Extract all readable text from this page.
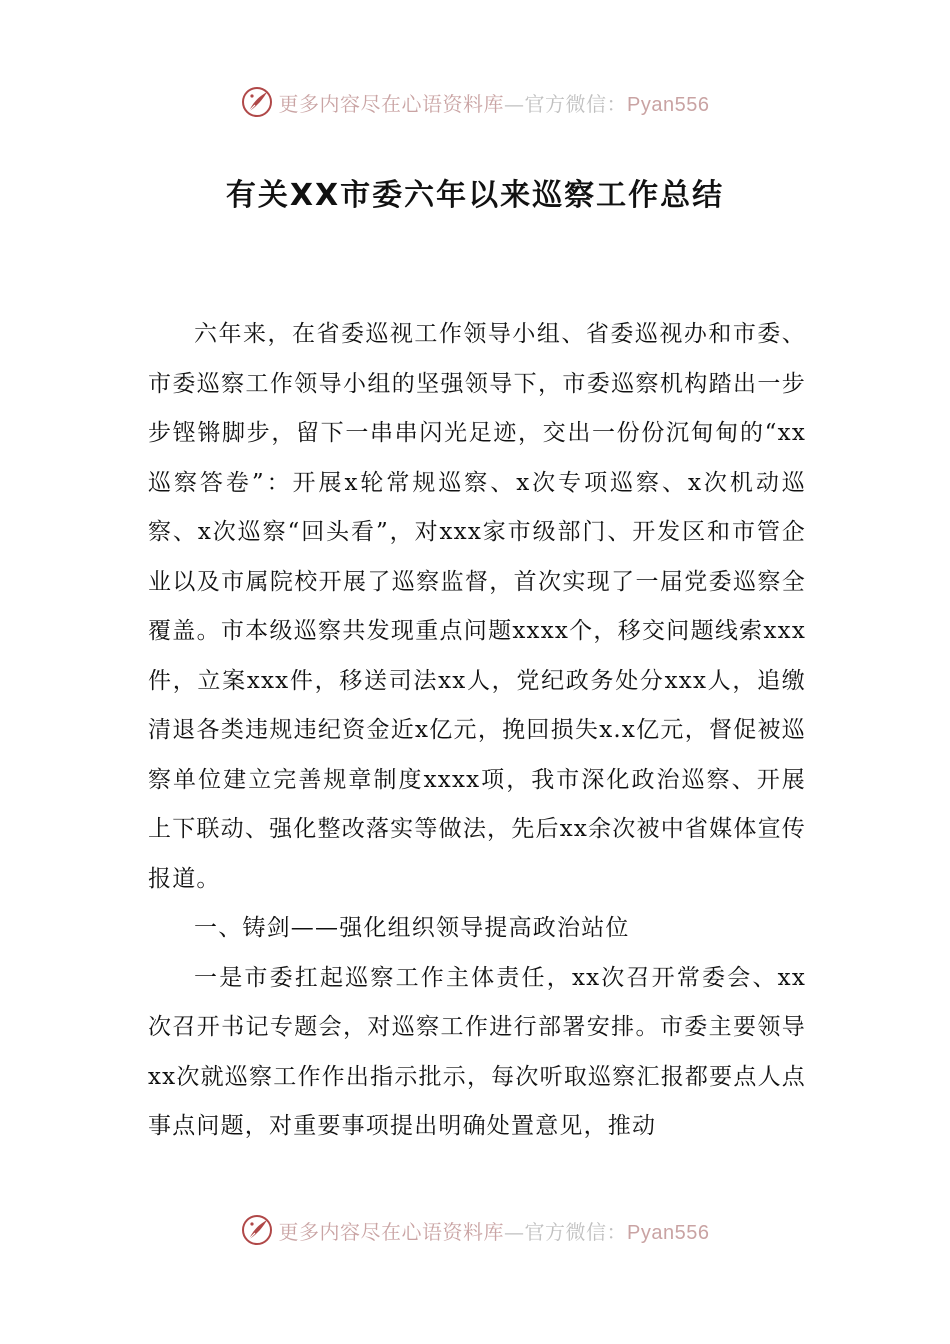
更多内容尽在心语资料库—官方微信：Pyan556
有关XX市委六年以来巡察工作总结

六年来，在省委巡视工作领导小组、省委巡视办和市委、市委巡察工作领导小组的坚强领导下，市委巡察机构踏出一步步铿锵脚步，留下一串串闪光足迹，交出一份份沉甸甸的“xx巡察答卷”：开展x轮常规巡察、x次专项巡察、x次机动巡察、x次巡察“回头看”，对xxx家市级部门、开发区和市管企业以及市属院校开展了巡察监督，首次实现了一届党委巡察全覆盖。市本级巡察共发现重点问题xxxx个，移交问题线索xxx件，立案xxx件，移送司法xx人，党纪政务处分xxx人，追缴清退各类违规违纪资金近x亿元，挽回损失x.x亿元，督促被巡察单位建立完善规章制度xxxx项，我市深化政治巡察、开展上下联动、强化整改落实等做法，先后xx余次被中省媒体宣传报道。

一、铸剑——强化组织领导提高政治站位

一是市委扛起巡察工作主体责任，xx次召开常委会、xx次召开书记专题会，对巡察工作进行部署安排。市委主要领导xx次就巡察工作作出指示批示，每次听取巡察汇报都要点人点事点问题，对重要事项提出明确处置意见，推动

更多内容尽在心语资料库—官方微信：Pyan556
